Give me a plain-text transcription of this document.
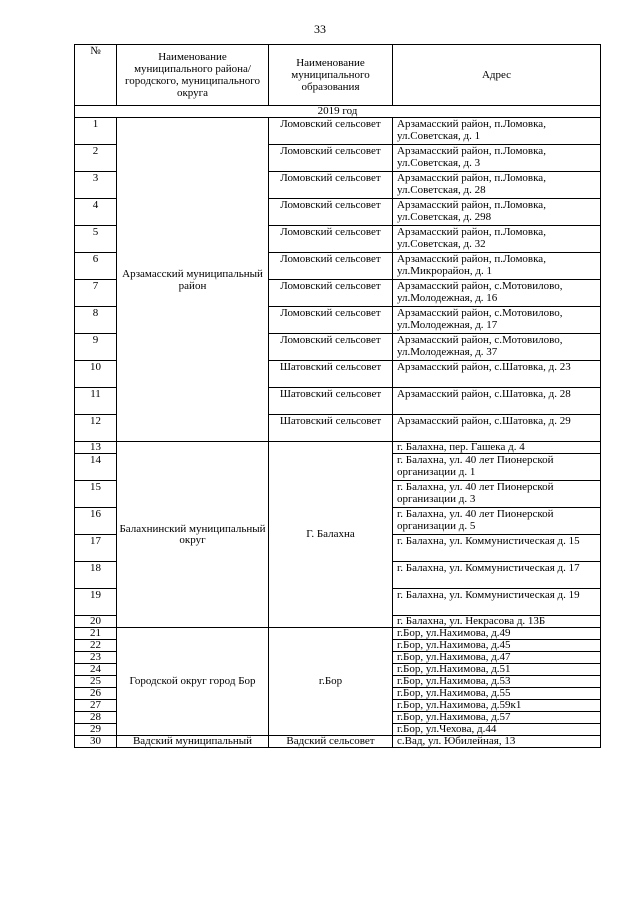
33
№	Наименование муниципального района/ городского, муниципального округа	Наименование муниципального образования	Адрес
2019 год			
1	Арзамасский муниципальный район	Ломовский сельсовет	Арзамасский район, п.Ломовка, ул.Советская, д. 1
2		Ломовский сельсовет	Арзамасский район, п.Ломовка, ул.Советская, д. 3
3		Ломовский сельсовет	Арзамасский район, п.Ломовка, ул.Советская, д. 28
4		Ломовский сельсовет	Арзамасский район, п.Ломовка, ул.Советская, д. 298
5		Ломовский сельсовет	Арзамасский район, п.Ломовка, ул.Советская, д. 32
6		Ломовский сельсовет	Арзамасский район, п.Ломовка, ул.Микрорайон, д. 1
7		Ломовский сельсовет	Арзамасский район, с.Мотовилово, ул.Молодежная, д. 16
8		Ломовский сельсовет	Арзамасский район, с.Мотовилово, ул.Молодежная, д. 17
9		Ломовский сельсовет	Арзамасский район, с.Мотовилово, ул.Молодежная, д. 37
10		Шатовский сельсовет	Арзамасский район, с.Шатовка, д. 23
11		Шатовский сельсовет	Арзамасский район, с.Шатовка, д. 28
12		Шатовский сельсовет	Арзамасский район, с.Шатовка, д. 29
13	Балахнинский муниципальный округ	Г. Балахна	г. Балахна, пер. Гашека д. 4
14			г. Балахна, ул. 40 лет Пионерской организации д. 1
15			г. Балахна, ул. 40 лет Пионерской организации д. 3
16			г. Балахна, ул. 40 лет Пионерской организации д. 5
17			г. Балахна, ул. Коммунистическая д. 15
18			г. Балахна, ул. Коммунистическая д. 17
19			г. Балахна, ул. Коммунистическая д. 19
20			г. Балахна, ул. Некрасова д. 13Б
21	Городской округ город Бор	г.Бор	г.Бор, ул.Нахимова, д.49
22			г.Бор, ул.Нахимова, д.45
23			г.Бор, ул.Нахимова, д.47
24			г.Бор, ул.Нахимова, д.51
25			г.Бор, ул.Нахимова, д.53
26			г.Бор, ул.Нахимова, д.55
27			г.Бор, ул.Нахимова, д.59к1
28			г.Бор, ул.Нахимова, д.57
29			г.Бор, ул.Чехова, д.44
30	Вадский муниципальный	Вадский сельсовет	с.Вад, ул. Юбилейная, 13
